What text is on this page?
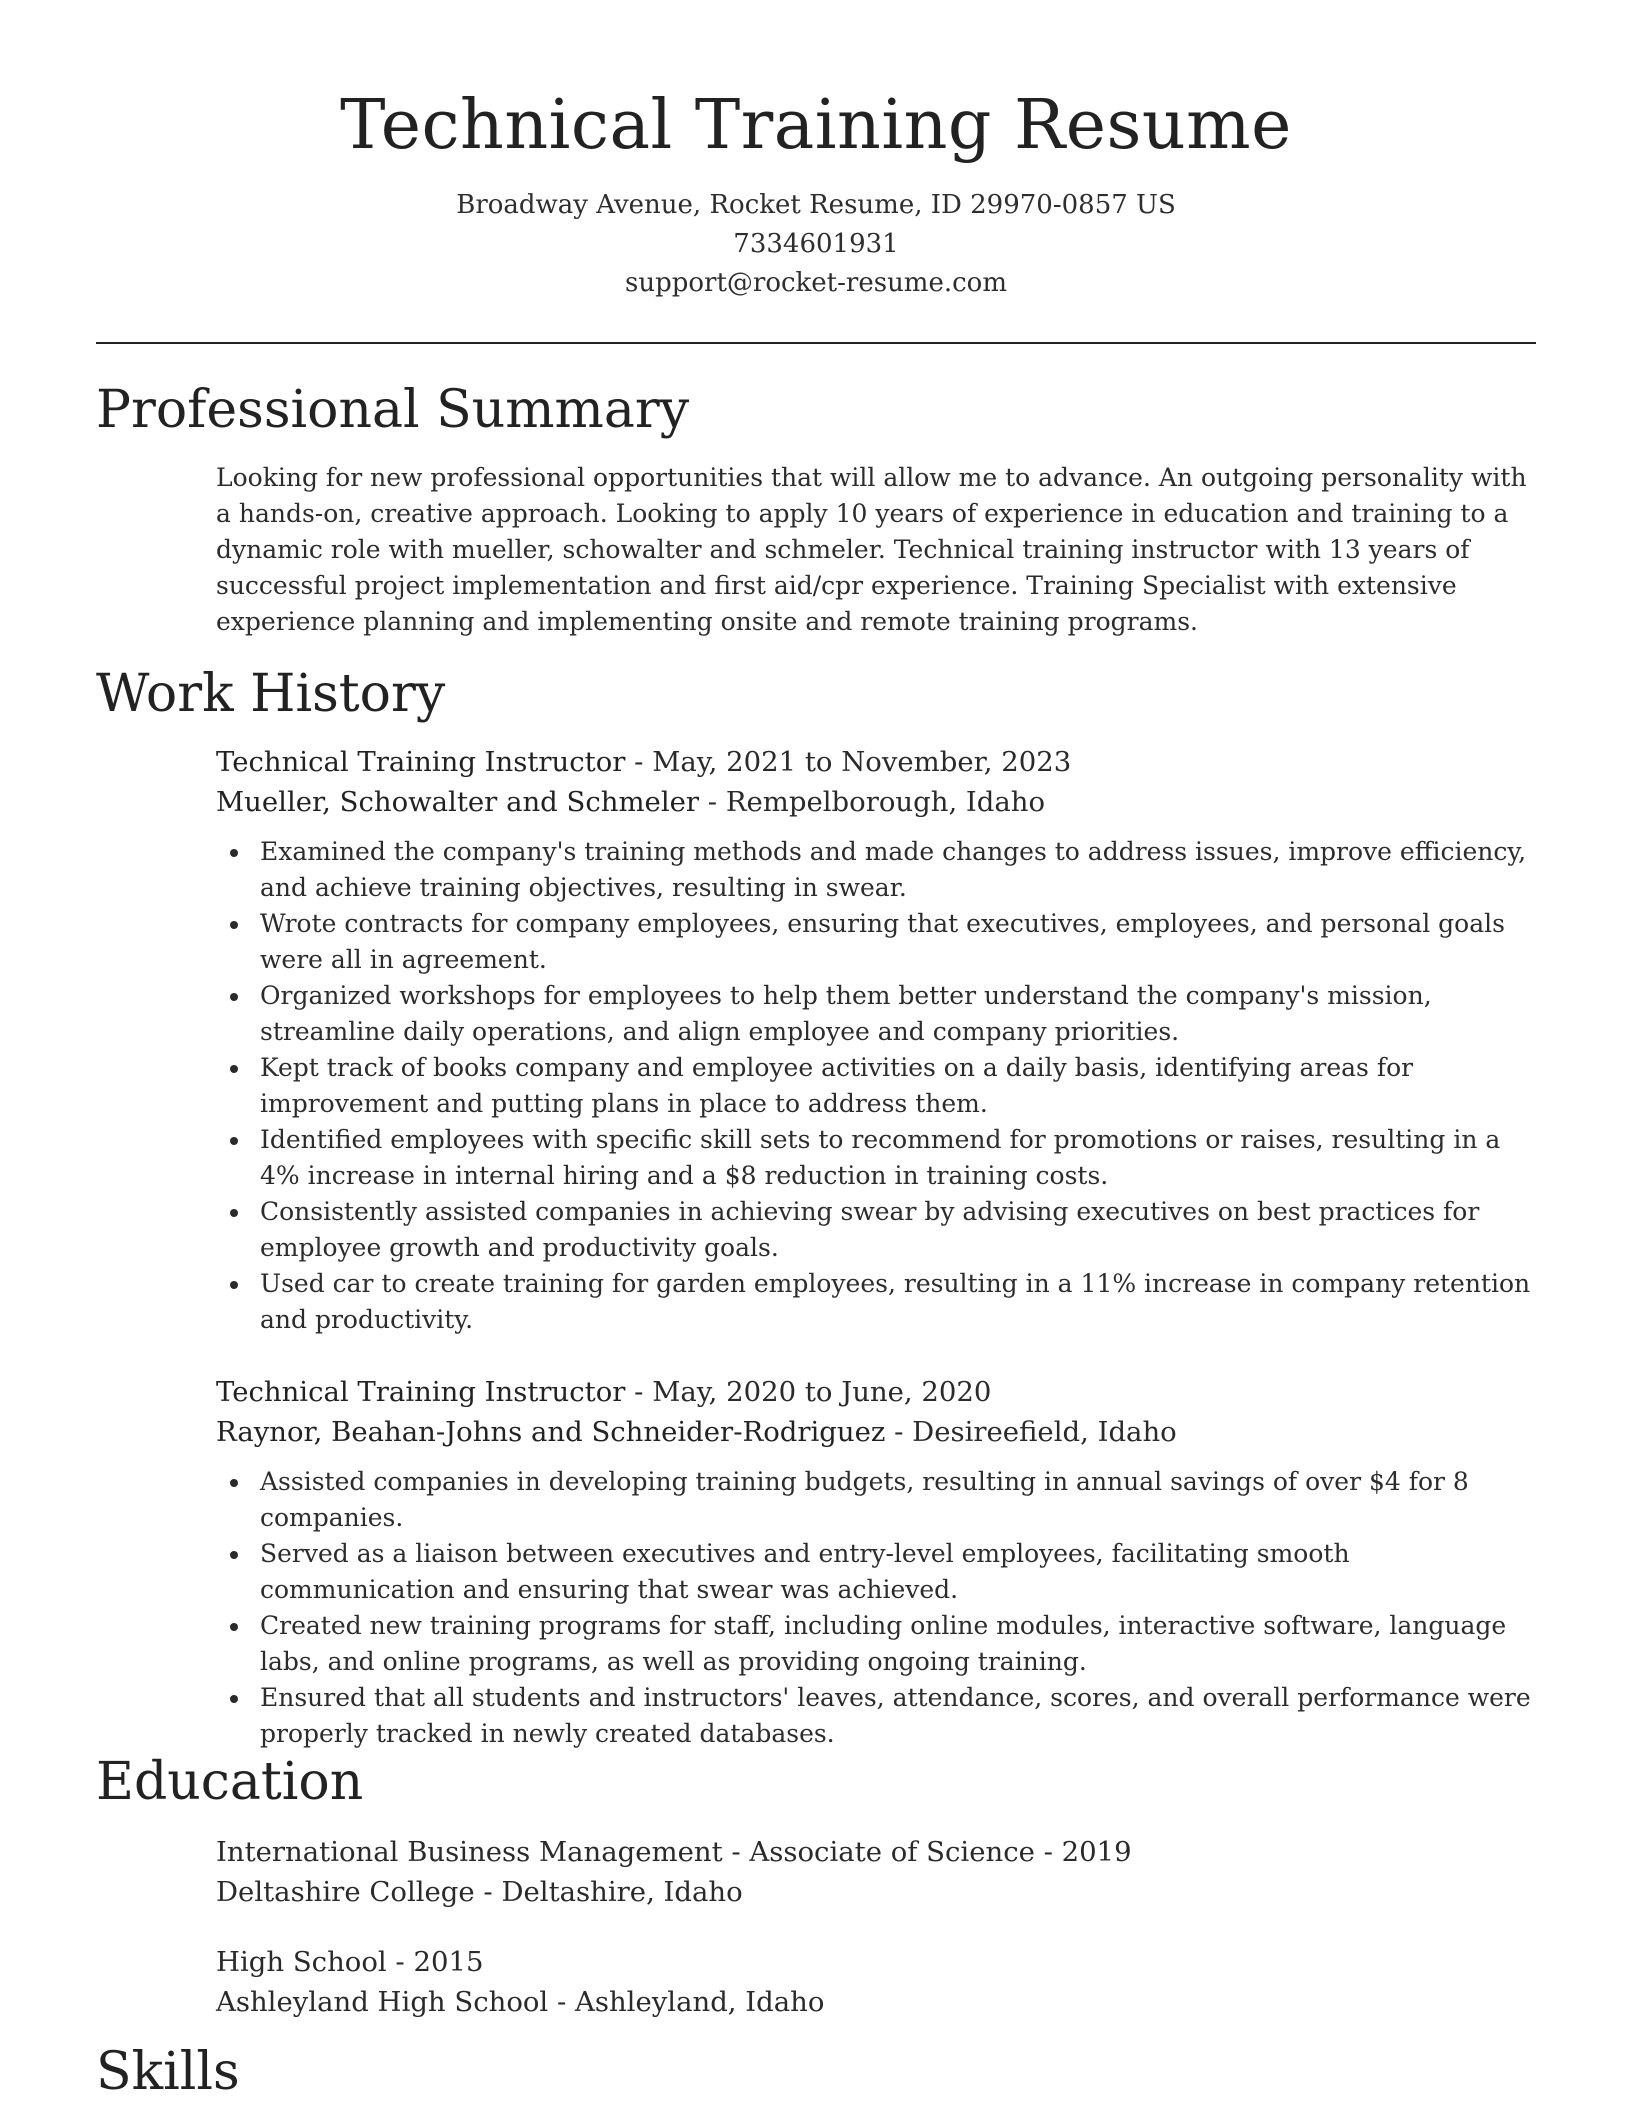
Technical Training Resume
Broadway Avenue, Rocket Resume, ID 29970-0857 US
7334601931
support@rocket-resume.com
Professional Summary

Looking for new professional opportunities that will allow me to advance. An outgoing personality with a hands-on, creative approach. Looking to apply 10 years of experience in education and training to a dynamic role with mueller, schowalter and schmeler. Technical training instructor with 13 years of successful project implementation and first aid/cpr experience. Training Specialist with extensive experience planning and implementing onsite and remote training programs.

Work History

Technical Training Instructor - May, 2021 to November, 2023

Mueller, Schowalter and Schmeler - Rempelborough, Idaho

Examined the company's training methods and made changes to address issues, improve efficiency, and achieve training objectives, resulting in swear.
Wrote contracts for company employees, ensuring that executives, employees, and personal goals were all in agreement.
Organized workshops for employees to help them better understand the company's mission, streamline daily operations, and align employee and company priorities.
Kept track of books company and employee activities on a daily basis, identifying areas for improvement and putting plans in place to address them.
Identified employees with specific skill sets to recommend for promotions or raises, resulting in a 4% increase in internal hiring and a $8 reduction in training costs.
Consistently assisted companies in achieving swear by advising executives on best practices for employee growth and productivity goals.
Used car to create training for garden employees, resulting in a 11% increase in company retention and productivity.

Technical Training Instructor - May, 2020 to June, 2020

Raynor, Beahan-Johns and Schneider-Rodriguez - Desireefield, Idaho

Assisted companies in developing training budgets, resulting in annual savings of over $4 for 8 companies.
Served as a liaison between executives and entry-level employees, facilitating smooth communication and ensuring that swear was achieved.
Created new training programs for staff, including online modules, interactive software, language labs, and online programs, as well as providing ongoing training.
Ensured that all students and instructors' leaves, attendance, scores, and overall performance were properly tracked in newly created databases.
Education

International Business Management - Associate of Science - 2019

Deltashire College - Deltashire, Idaho

High School - 2015

Ashleyland High School - Ashleyland, Idaho

Skills
